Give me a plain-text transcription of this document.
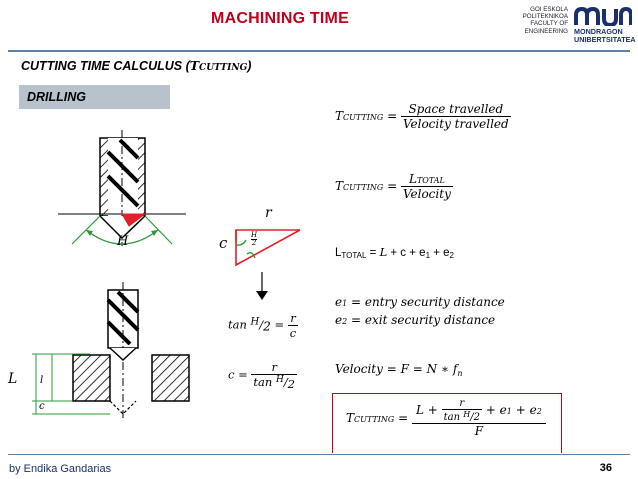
MACHINING TIME
GOI ESKOLA
POLITEKNIKOA
FACULTY OF
ENGINEERING MONDRAGON
UNIBERTSITATEA
CUTTING TIME CALCULUS (TCUTTING)
DRILLING
H	c
r
H
2
L l
c
TCUTTING = $\frac{\text{Space travelled}}{\text{Velocity travelled}}$
TCUTTING = $\frac{\text{LTOTAL}}{\text{Velocity}}$
LTOTAL = L + c + e1 + e2
e1 = entry security distance
e2 = exit security distance
Velocity = F = N ∗ $f_n$
$\tan H/2 = \frac{r}{c}$
$c = \frac{r}{\tan ^H/2}$
TCUTTING = $\frac{L + \frac{r}{\tan ^H/2} + e1 + e2}{F}$
by Endika Gandarias	36
